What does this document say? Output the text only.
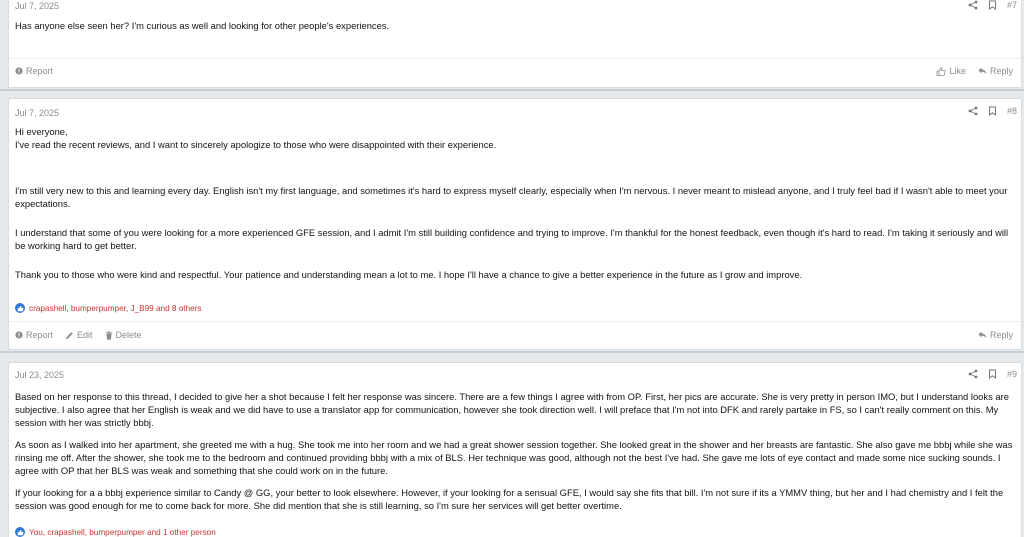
Jul 7, 2025	#7

Has anyone else seen her? I'm curious as well and looking for other people's experiences.

Report	Like	Reply
Jul 7, 2025	#8

Hi everyone,

I've read the recent reviews, and I want to sincerely apologize to those who were disappointed with their experience.

I'm still very new to this and learning every day. English isn't my first language, and sometimes it's hard to express myself clearly, especially when I'm nervous. I never meant to mislead anyone, and I truly feel bad if I wasn't able to meet your expectations.

I understand that some of you were looking for a more experienced GFE session, and I admit I'm still building confidence and trying to improve. I'm thankful for the honest feedback, even though it's hard to read. I'm taking it seriously and will be working hard to get better.

Thank you to those who were kind and respectful. Your patience and understanding mean a lot to me. I hope I'll have a chance to give a better experience in the future as I grow and improve.

crapashell, bumperpumper, J_B99 and 8 others
Report	Edit	Delete	Reply
Jul 23, 2025	#9

Based on her response to this thread, I decided to give her a shot because I felt her response was sincere. There are a few things I agree with from OP. First, her pics are accurate. She is very pretty in person IMO, but I understand looks are subjective. I also agree that her English is weak and we did have to use a translator app for communication, however she took direction well. I will preface that I'm not into DFK and rarely partake in FS, so I can't really comment on this. My session with her was strictly bbbj.

As soon as I walked into her apartment, she greeted me with a hug. She took me into her room and we had a great shower session together. She looked great in the shower and her breasts are fantastic. She also gave me bbbj while she was rinsing me off. After the shower, she took me to the bedroom and continued providing bbbj with a mix of BLS. Her technique was good, although not the best I've had. She gave me lots of eye contact and made some nice sucking sounds. I agree with OP that her BLS was weak and something that she could work on in the future.

If your looking for a a bbbj experience similar to Candy @ GG, your better to look elsewhere. However, if your looking for a sensual GFE, I would say she fits that bill. I'm not sure if its a YMMV thing, but her and I had chemistry and I felt the session was good enough for me to come back for more. She did mention that she is still learning, so I'm sure her services will get better overtime.

You, crapashell, bumperpumper and 1 other person
